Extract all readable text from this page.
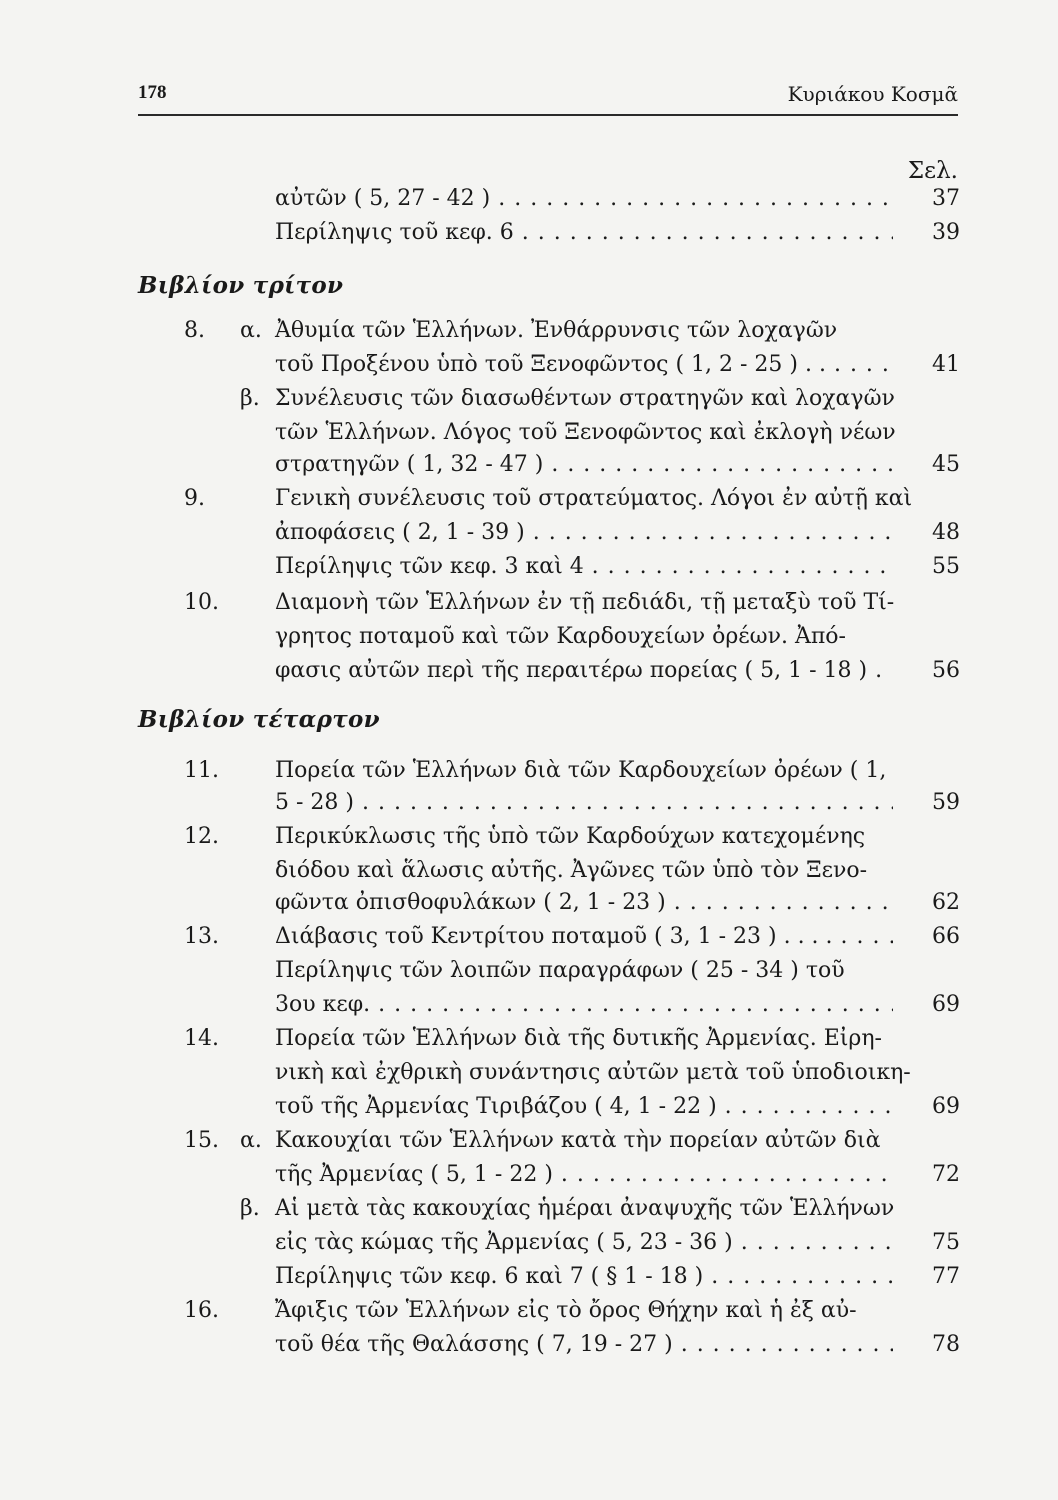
178	Κυριάκου Κοσμᾶ
Σελ.
Βιβλίον τρίτον
Βιβλίον τέταρτον
αὐτῶν ( 5, 27 - 42 ) . . .	37
Περίληψις τοῦ κεφ. 6 . . .	39
8. α. Ἀθυμία τῶν Ἑλλήνων. Ἐνθάρρυνσις τῶν λοχαγῶν
τοῦ Προξένου ὑπὸ τοῦ Ξενοφῶντος ( 1, 2 - 25 ) . . . . .	41
β. Συνέλευσις τῶν διασωθέντων στρατηγῶν καὶ λοχαγῶν
τῶν Ἑλλήνων. Λόγος τοῦ Ξενοφῶντος καὶ ἐκλογὴ νέων
στρατηγῶν ( 1, 32 - 47 ) . . .	45
9.	Γενικὴ συνέλευσις τοῦ στρατεύματος. Λόγοι ἐν αὐτῇ καὶ
ἀποφάσεις ( 2, 1 - 39 ) . . .	48
Περίληψις τῶν κεφ. 3 καὶ 4 . . .	55
10.	Διαμονὴ τῶν Ἑλλήνων ἐν τῇ πεδιάδι, τῇ μεταξὺ τοῦ Τί-
γρητος ποταμοῦ καὶ τῶν Καρδουχείων ὀρέων. Ἀπό-
φασις αὐτῶν περὶ τῆς περαιτέρω πορείας ( 5, 1 - 18 ) . . .	56
11.	Πορεία τῶν Ἑλλήνων διὰ τῶν Καρδουχείων ὀρέων ( 1,
5 - 28 ) . . .	59
12.	Περικύκλωσις τῆς ὑπὸ τῶν Καρδούχων κατεχομένης
διόδου καὶ ἅλωσις αὐτῆς. Ἀγῶνες τῶν ὑπὸ τὸν Ξενο-
φῶντα ὀπισθοφυλάκων ( 2, 1 - 23 ) . . .	62
13.	Διάβασις τοῦ Κεντρίτου ποταμοῦ ( 3, 1 - 23 ) . . . . . . .	66
Περίληψις τῶν λοιπῶν παραγράφων ( 25 - 34 ) τοῦ
3ου κεφ. . . .	69
14.	Πορεία τῶν Ἑλλήνων διὰ τῆς δυτικῆς Ἀρμενίας. Εἰρη-
νικὴ καὶ ἐχθρικὴ συνάντησις αὐτῶν μετὰ τοῦ ὑποδιοικη-
τοῦ τῆς Ἀρμενίας Τιριβάζου ( 4, 1 - 22 ) . . .	69
15. α. Κακουχίαι τῶν Ἑλλήνων κατὰ τὴν πορείαν αὐτῶν διὰ
τῆς Ἀρμενίας ( 5, 1 - 22 ) . . .	72
β. Αἱ μετὰ τὰς κακουχίας ἡμέραι ἀναψυχῆς τῶν Ἑλλήνων
εἰς τὰς κώμας τῆς Ἀρμενίας ( 5, 23 - 36 ) . . .	75
Περίληψις τῶν κεφ. 6 καὶ 7 ( § 1 - 18 ) . . .	77
16.	Ἄφιξις τῶν Ἑλλήνων εἰς τὸ ὄρος Θήχην καὶ ἡ ἐξ αὐ-
τοῦ θέα τῆς Θαλάσσης ( 7, 19 - 27 ) . . .	78
